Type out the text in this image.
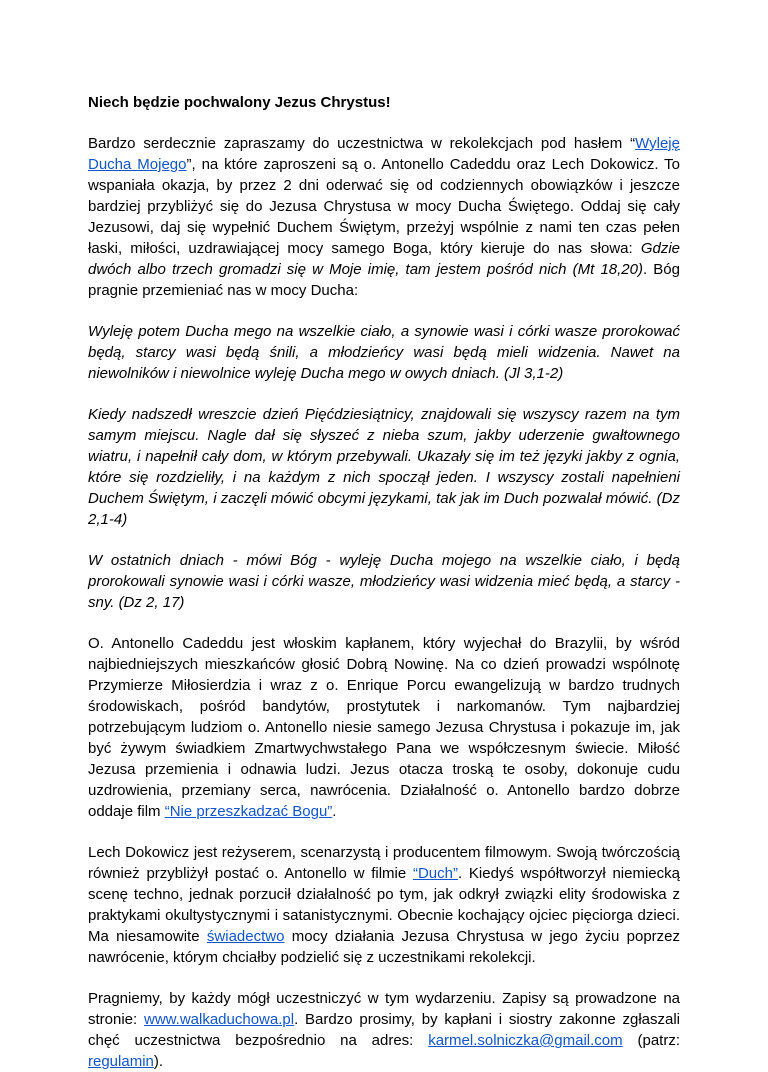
Niech będzie pochwalony Jezus Chrystus!

Bardzo serdecznie zapraszamy do uczestnictwa w rekolekcjach pod hasłem “Wyleję Ducha Mojego”, na które zaproszeni są o. Antonello Cadeddu oraz Lech Dokowicz. To wspaniała okazja, by przez 2 dni oderwać się od codziennych obowiązków i jeszcze bardziej przybliżyć się do Jezusa Chrystusa w mocy Ducha Świętego. Oddaj się cały Jezusowi, daj się wypełnić Duchem Świętym, przeżyj wspólnie z nami ten czas pełen łaski, miłości, uzdrawiającej mocy samego Boga, który kieruje do nas słowa: Gdzie dwóch albo trzech gromadzi się w Moje imię, tam jestem pośród nich (Mt 18,20). Bóg pragnie przemieniać nas w mocy Ducha:

Wyleję potem Ducha mego na wszelkie ciało, a synowie wasi i córki wasze prorokować będą, starcy wasi będą śnili, a młodzieńcy wasi będą mieli widzenia. Nawet na niewolników i niewolnice wyleję Ducha mego w owych dniach. (Jl 3,1-2)

Kiedy nadszedł wreszcie dzień Pięćdziesiątnicy, znajdowali się wszyscy razem na tym samym miejscu. Nagle dał się słyszeć z nieba szum, jakby uderzenie gwałtownego wiatru, i napełnił cały dom, w którym przebywali. Ukazały się im też języki jakby z ognia, które się rozdzieliły, i na każdym z nich spoczął jeden. I wszyscy zostali napełnieni Duchem Świętym, i zaczęli mówić obcymi językami, tak jak im Duch pozwalał mówić. (Dz 2,1-4)

W ostatnich dniach - mówi Bóg - wyleję Ducha mojego na wszelkie ciało, i będą prorokowali synowie wasi i córki wasze, młodzieńcy wasi widzenia mieć będą, a starcy - sny. (Dz 2, 17)

O. Antonello Cadeddu jest włoskim kapłanem, który wyjechał do Brazylii, by wśród najbiedniejszych mieszkańców głosić Dobrą Nowinę. Na co dzień prowadzi wspólnotę Przymierze Miłosierdzia i wraz z o. Enrique Porcu ewangelizują w bardzo trudnych środowiskach, pośród bandytów, prostytutek i narkomanów. Tym najbardziej potrzebującym ludziom o. Antonello niesie samego Jezusa Chrystusa i pokazuje im, jak być żywym świadkiem Zmartwychwstałego Pana we współczesnym świecie. Miłość Jezusa przemienia i odnawia ludzi. Jezus otacza troską te osoby, dokonuje cudu uzdrowienia, przemiany serca, nawrócenia. Działalność o. Antonello bardzo dobrze oddaje film “Nie przeszkadzać Bogu”.

Lech Dokowicz jest reżyserem, scenarzystą i producentem filmowym. Swoją twórczością również przybliżył postać o. Antonello w filmie “Duch”. Kiedyś współtworzył niemiecką scenę techno, jednak porzucił działalność po tym, jak odkrył związki elity środowiska z praktykami okultystycznymi i satanistycznymi. Obecnie kochający ojciec pięciorga dzieci. Ma niesamowite świadectwo mocy działania Jezusa Chrystusa w jego życiu poprzez nawrócenie, którym chciałby podzielić się z uczestnikami rekolekcji.

Pragniemy, by każdy mógł uczestniczyć w tym wydarzeniu. Zapisy są prowadzone na stronie: www.walkaduchowa.pl. Bardzo prosimy, by kapłani i siostry zakonne zgłaszali chęć uczestnictwa bezpośrednio na adres: karmel.solniczka@gmail.com (patrz: regulamin).
